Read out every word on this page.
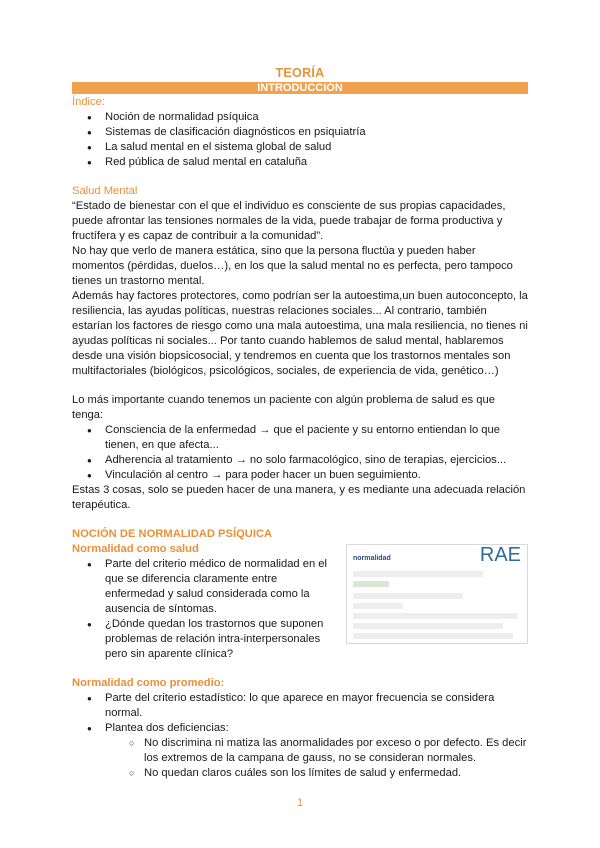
TEORÍA
INTRODUCCIÓN
Índice:
● Noción de normalidad psíquica
● Sistemas de clasificación diagnósticos en psiquiatría
● La salud mental en el sistema global de salud
● Red pública de salud mental en cataluña
Salud Mental

“Estado de bienestar con el que el individuo es consciente de sus propias capacidades, puede afrontar las tensiones normales de la vida, puede trabajar de forma productiva y fructífera y es capaz de contribuir a la comunidad”.

No hay que verlo de manera estática, sino que la persona fluctúa y pueden haber momentos (pérdidas, duelos…), en los que la salud mental no es perfecta, pero tampoco tienes un trastorno mental.

Además hay factores protectores, como podrían ser la autoestima,un buen autoconcepto, la resiliencia, las ayudas políticas, nuestras relaciones sociales... Al contrario, también estarían los factores de riesgo como una mala autoestima, una mala resiliencia, no tienes ni ayudas políticas ni sociales... Por tanto cuando hablemos de salud mental, hablaremos desde una visión biopsicosocial, y tendremos en cuenta que los trastornos mentales son multifactoriales (biológicos, psicológicos, sociales, de experiencia de vida, genético…)

Lo más importante cuando tenemos un paciente con algún problema de salud es que tenga:

● Consciencia de la enfermedad → que el paciente y su entorno entiendan lo que tienen, en que afecta...
● Adherencia al tratamiento → no solo farmacológico, sino de terapias, ejercicios...
● Vinculación al centro → para poder hacer un buen seguimiento.

Estas 3 cosas, solo se pueden hacer de una manera, y es mediante una adecuada relación terapéutica.

NOCIÓN DE NORMALIDAD PSÍQUICA
Normalidad como salud
● Parte del criterio médico de normalidad en el que se diferencia claramente entre enfermedad y salud considerada como la ausencia de síntomas.
● ¿Dónde quedan los trastornos que suponen problemas de relación intra-interpersonales pero sin aparente clínica?
normalidad	RAE
Normalidad como promedio:
● Parte del criterio estadístico: lo que aparece en mayor frecuencia se considera normal.
● Plantea dos deficiencias:
○ No discrimina ni matiza las anormalidades por exceso o por defecto. Es decir los extremos de la campana de gauss, no se consideran normales.
○ No quedan claros cuáles son los límites de salud y enfermedad.
1
